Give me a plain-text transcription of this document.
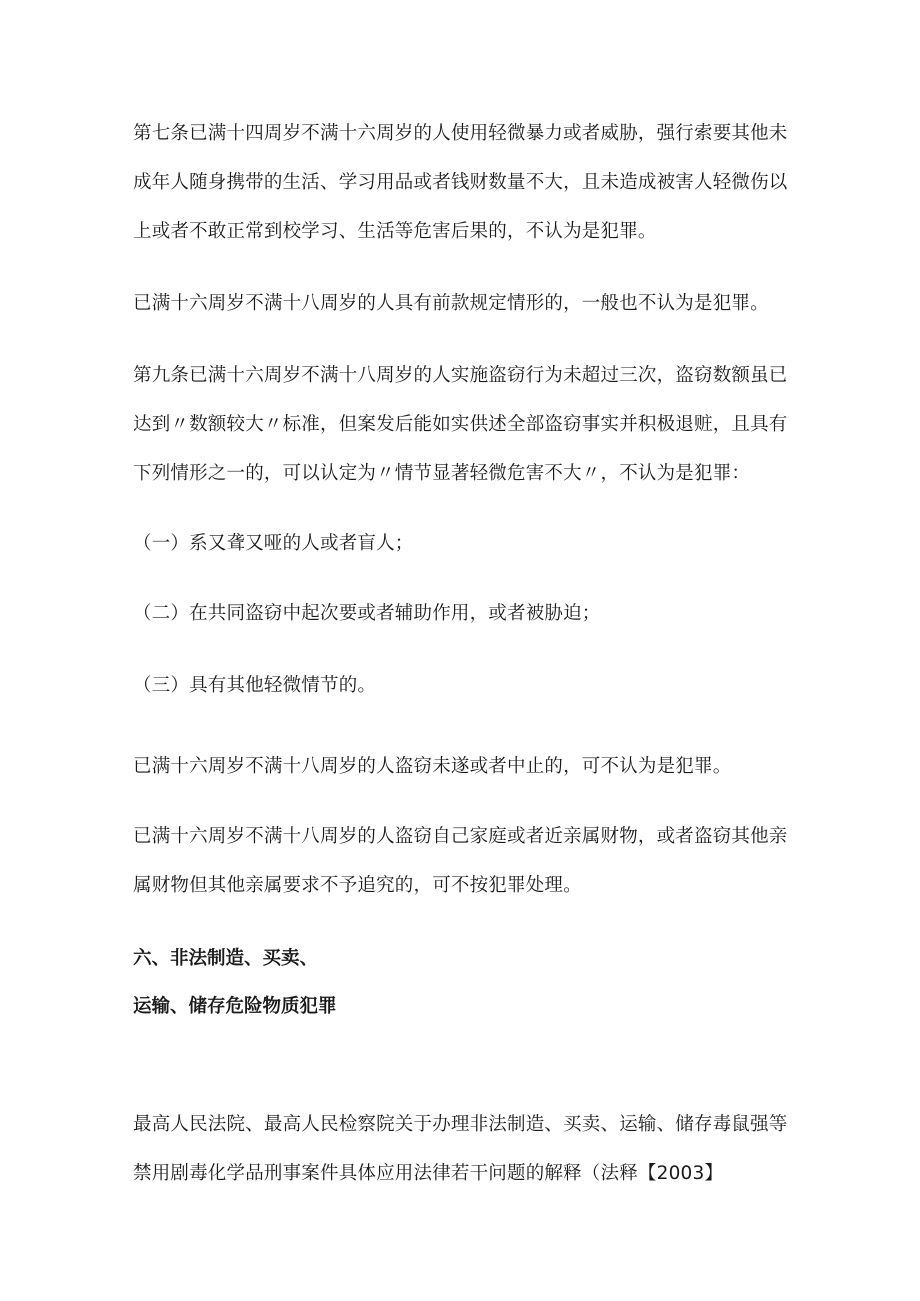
第七条已满十四周岁不满十六周岁的人使用轻微暴力或者威胁，强行索要其他未
成年人随身携带的生活、学习用品或者钱财数量不大，且未造成被害人轻微伤以
上或者不敢正常到校学习、生活等危害后果的，不认为是犯罪。
已满十六周岁不满十八周岁的人具有前款规定情形的，一般也不认为是犯罪。
第九条已满十六周岁不满十八周岁的人实施盗窃行为未超过三次，盗窃数额虽已
达到〃数额较大〃标准，但案发后能如实供述全部盗窃事实并积极退赃，且具有
下列情形之一的，可以认定为〃情节显著轻微危害不大〃，不认为是犯罪：
（一）系又聋又哑的人或者盲人；
（二）在共同盗窃中起次要或者辅助作用，或者被胁迫；
（三）具有其他轻微情节的。
已满十六周岁不满十八周岁的人盗窃未遂或者中止的，可不认为是犯罪。
已满十六周岁不满十八周岁的人盗窃自己家庭或者近亲属财物，或者盗窃其他亲
属财物但其他亲属要求不予追究的，可不按犯罪处理。
六、非法制造、买卖、
运输、储存危险物质犯罪
最高人民法院、最高人民检察院关于办理非法制造、买卖、运输、储存毒鼠强等
禁用剧毒化学品刑事案件具体应用法律若干问题的解释（法释【2003】
